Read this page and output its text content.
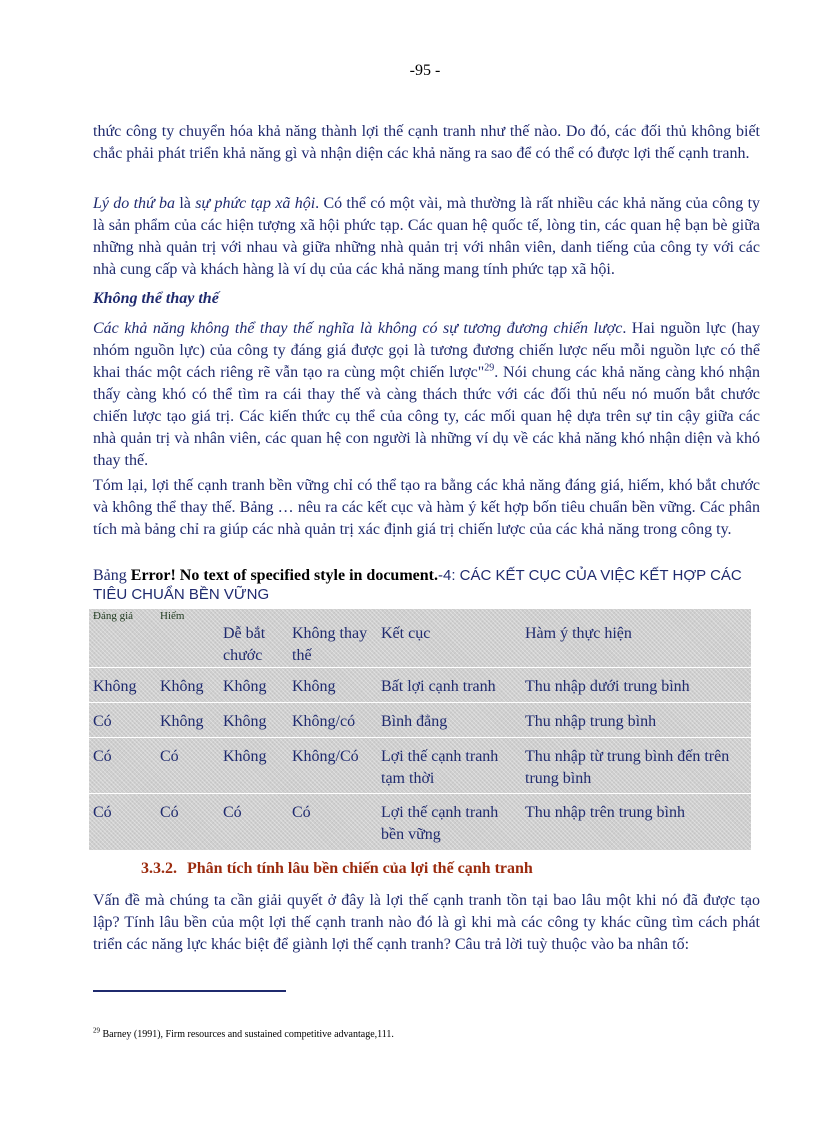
-95 -

thức công ty chuyển hóa khả năng thành lợi thế cạnh tranh như thế nào. Do đó, các đối thủ không biết chắc phải phát triển khả năng gì và nhận diện các khả năng ra sao để có thể có được lợi thế cạnh tranh.

Lý do thứ ba là sự phức tạp xã hội. Có thể có một vài, mà thường là rất nhiều các khả năng của công ty là sản phẩm của các hiện tượng xã hội phức tạp. Các quan hệ quốc tế, lòng tin, các quan hệ bạn bè giữa những nhà quản trị với nhau và giữa những nhà quản trị với nhân viên, danh tiếng của công ty với các nhà cung cấp và khách hàng là ví dụ của các khả năng mang tính phức tạp xã hội.

Không thể thay thế

Các khả năng không thể thay thế nghĩa là không có sự tương đương chiến lược. Hai nguồn lực (hay nhóm nguồn lực) của công ty đáng giá được gọi là tương đương chiến lược nếu mỗi nguồn lực có thể khai thác một cách riêng rẽ vẫn tạo ra cùng một chiến lược"$^{29}$. Nói chung các khả năng càng khó nhận thấy càng khó có thể tìm ra cái thay thế và càng thách thức với các đối thủ nếu nó muốn bắt chước chiến lược tạo giá trị. Các kiến thức cụ thể của công ty, các mối quan hệ dựa trên sự tin cậy giữa các nhà quản trị và nhân viên, các quan hệ con người là những ví dụ về các khả năng khó nhận diện và khó thay thế.

Tóm lại, lợi thế cạnh tranh bền vững chỉ có thể tạo ra bằng các khả năng đáng giá, hiếm, khó bắt chước và không thể thay thế. Bảng … nêu ra các kết cục và hàm ý kết hợp bốn tiêu chuẩn bền vững. Các phân tích mà bảng chỉ ra giúp các nhà quản trị xác định giá trị chiến lược của các khả năng trong công ty.

Bảng Error! No text of specified style in document.-4: CÁC KẾT CỤC CỦA VIỆC KẾT HỢP CÁC TIÊU CHUẨN BỀN VỮNG
Đáng giá	Hiếm	Dễ bắt chước	Không thay thế	Kết cục	Hàm ý thực hiện
Không	Không	Không	Không	Bất lợi cạnh tranh	Thu nhập dưới trung bình
Có	Không	Không	Không/có	Bình đẳng	Thu nhập trung bình
Có	Có	Không	Không/Có	Lợi thế cạnh tranh tạm thời	Thu nhập từ trung bình đến trên trung bình
Có	Có	Có	Có	Lợi thế cạnh tranh bền vững	Thu nhập trên trung bình
3.3.2. Phân tích tính lâu bền chiến của lợi thế cạnh tranh

Vấn đề mà chúng ta cần giải quyết ở đây là lợi thế cạnh tranh tồn tại bao lâu một khi nó đã được tạo lập? Tính lâu bền của một lợi thế cạnh tranh nào đó là gì khi mà các công ty khác cũng tìm cách phát triển các năng lực khác biệt để giành lợi thế cạnh tranh? Câu trả lời tuỳ thuộc vào ba nhân tố:

$^{29}$ Barney (1991), Firm resources and sustained competitive advantage,111.
